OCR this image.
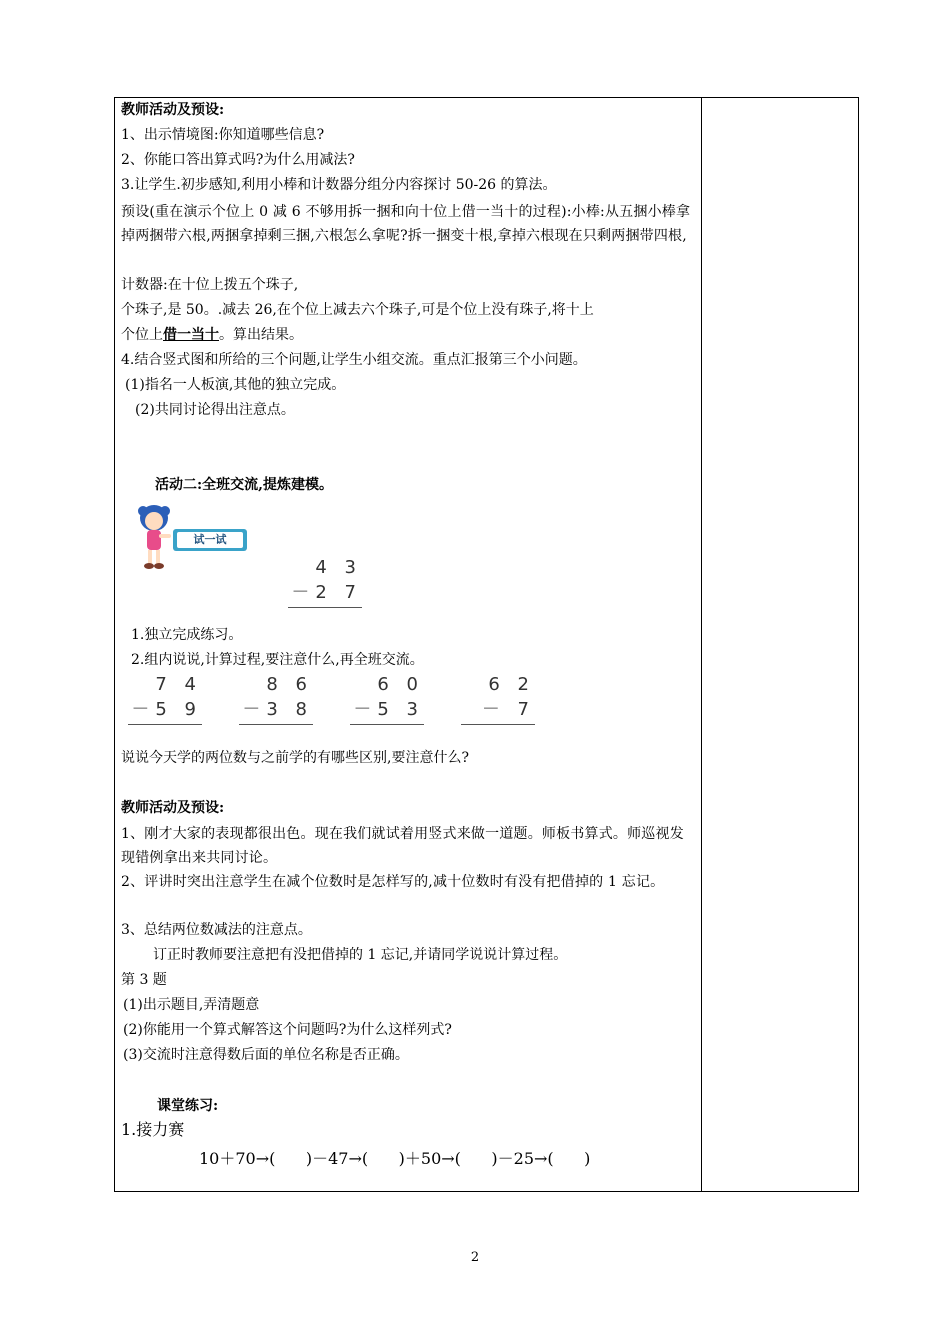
教师活动及预设:
1、出示情境图:你知道哪些信息?
2、你能口答出算式吗?为什么用减法?
3.让学生.初步感知,利用小棒和计数器分组分内容探讨 50-26 的算法。
预设(重在演示个位上 0 减 6 不够用拆一捆和向十位上借一当十的过程):小棒:从五捆小棒拿掉两捆带六根,两捆拿掉剩三捆,六根怎么拿呢?拆一捆变十根,拿掉六根现在只剩两捆带四根,
计数器:在十位上拨五个珠子,
个珠子,是 50。.减去 26,在个位上减去六个珠子,可是个位上没有珠子,将十上
个位上借一当十。算出结果。
4.结合竖式图和所给的三个问题,让学生小组交流。重点汇报第三个小问题。
(1)指名一人板演,其他的独立完成。
(2)共同讨论得出注意点。
活动二:全班交流,提炼建模。
1.独立完成练习。
2.组内说说,计算过程,要注意什么,再全班交流。
说说今天学的两位数与之前学的有哪些区别,要注意什么?
教师活动及预设:
1、刚才大家的表现都很出色。现在我们就试着用竖式来做一道题。师板书算式。师巡视发现错例拿出来共同讨论。
2、评讲时突出注意学生在减个位数时是怎样写的,减十位数时有没有把借掉的 1 忘记。
3、总结两位数减法的注意点。
订正时教师要注意把有没把借掉的 1 忘记,并请同学说说计算过程。
第 3 题
(1)出示题目,弄清题意
(2)你能用一个算式解答这个问题吗?为什么这样列式?
(3)交流时注意得数后面的单位名称是否正确。
课堂练习:
1.接力赛
试一试
4 3
－2 7
7 4
－5 9
8 6
－3 8
6 0
－5 3
6 2
－ 7
10＋70→(      )－47→(      )＋50→(      )－25→(      )
2
